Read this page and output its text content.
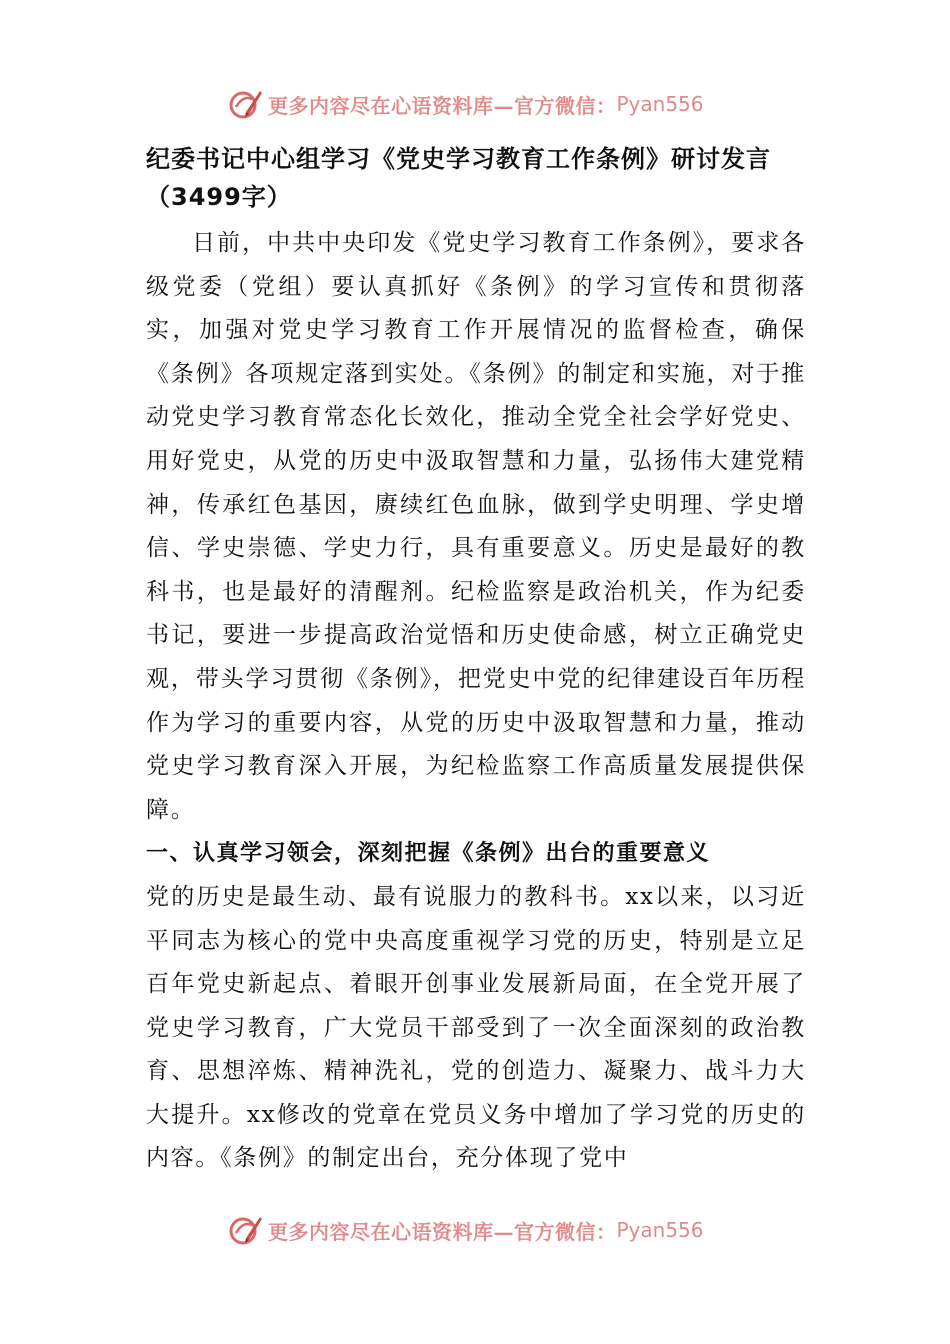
更多内容尽在心语资料库—官方微信： Pyan556
纪委书记中心组学习《党史学习教育工作条例》研讨发言
（3499字）

日前，中共中央印发《党史学习教育工作条例》，要求各级党委（党组）要认真抓好《条例》的学习宣传和贯彻落实，加强对党史学习教育工作开展情况的监督检查，确保《条例》各项规定落到实处。《条例》的制定和实施，对于推动党史学习教育常态化长效化，推动全党全社会学好党史、用好党史，从党的历史中汲取智慧和力量，弘扬伟大建党精神，传承红色基因，赓续红色血脉，做到学史明理、学史增信、学史崇德、学史力行，具有重要意义。历史是最好的教科书，也是最好的清醒剂。纪检监察是政治机关，作为纪委书记，要进一步提高政治觉悟和历史使命感，树立正确党史观，带头学习贯彻《条例》，把党史中党的纪律建设百年历程作为学习的重要内容，从党的历史中汲取智慧和力量，推动党史学习教育深入开展，为纪检监察工作高质量发展提供保障。

一、认真学习领会，深刻把握《条例》出台的重要意义

党的历史是最生动、最有说服力的教科书。xx以来，以习近平同志为核心的党中央高度重视学习党的历史，特别是立足百年党史新起点、着眼开创事业发展新局面，在全党开展了党史学习教育，广大党员干部受到了一次全面深刻的政治教育、思想淬炼、精神洗礼，党的创造力、凝聚力、战斗力大大提升。xx修改的党章在党员义务中增加了学习党的历史的内容。《条例》的制定出台，充分体现了党中

更多内容尽在心语资料库—官方微信： Pyan556
